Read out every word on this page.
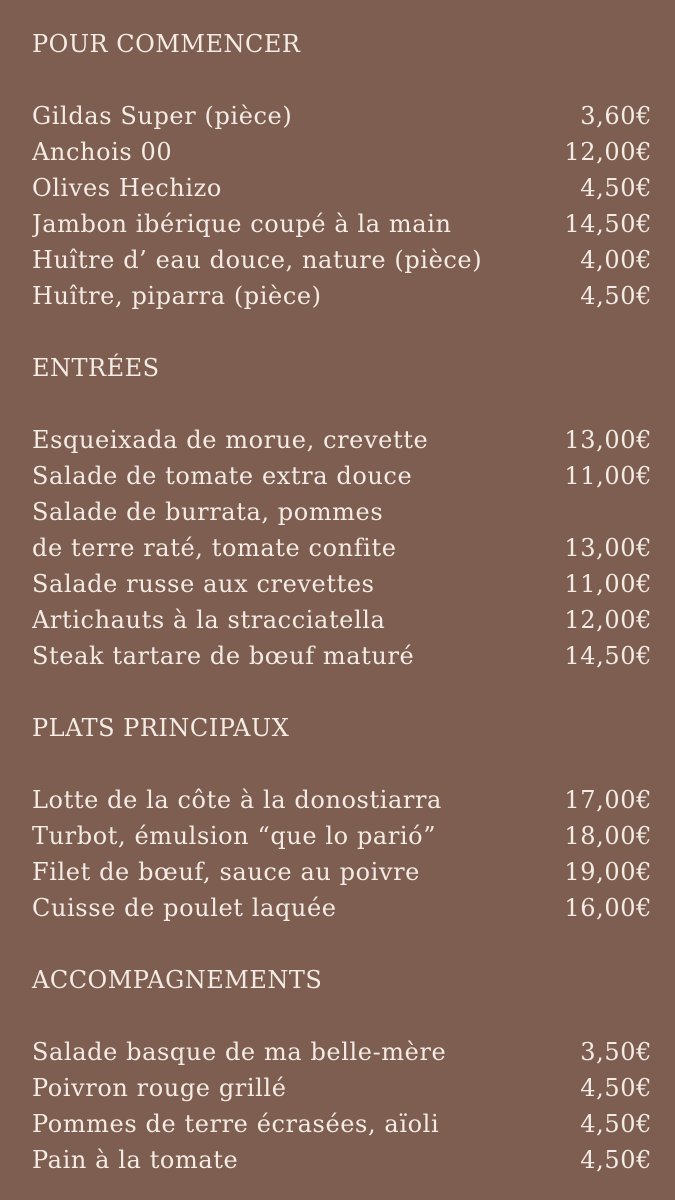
POUR COMMENCER
Gildas Super (pièce)	3,60€
Anchois 00	12,00€
Olives Hechizo	4,50€
Jambon ibérique coupé à la main	14,50€
Huître d’ eau douce, nature (pièce)	4,00€
Huître, piparra (pièce)	4,50€
ENTRÉES
Esqueixada de morue, crevette	13,00€
Salade de tomate extra douce	11,00€
Salade de burrata, pommes
de terre raté, tomate confite	13,00€
Salade russe aux crevettes	11,00€
Artichauts à la stracciatella	12,00€
Steak tartare de bœuf maturé	14,50€
PLATS PRINCIPAUX
Lotte de la côte à la donostiarra	17,00€
Turbot, émulsion “que lo parió”	18,00€
Filet de bœuf, sauce au poivre	19,00€
Cuisse de poulet laquée	16,00€
ACCOMPAGNEMENTS
Salade basque de ma belle-mère	3,50€
Poivron rouge grillé	4,50€
Pommes de terre écrasées, aïoli	4,50€
Pain à la tomate	4,50€
